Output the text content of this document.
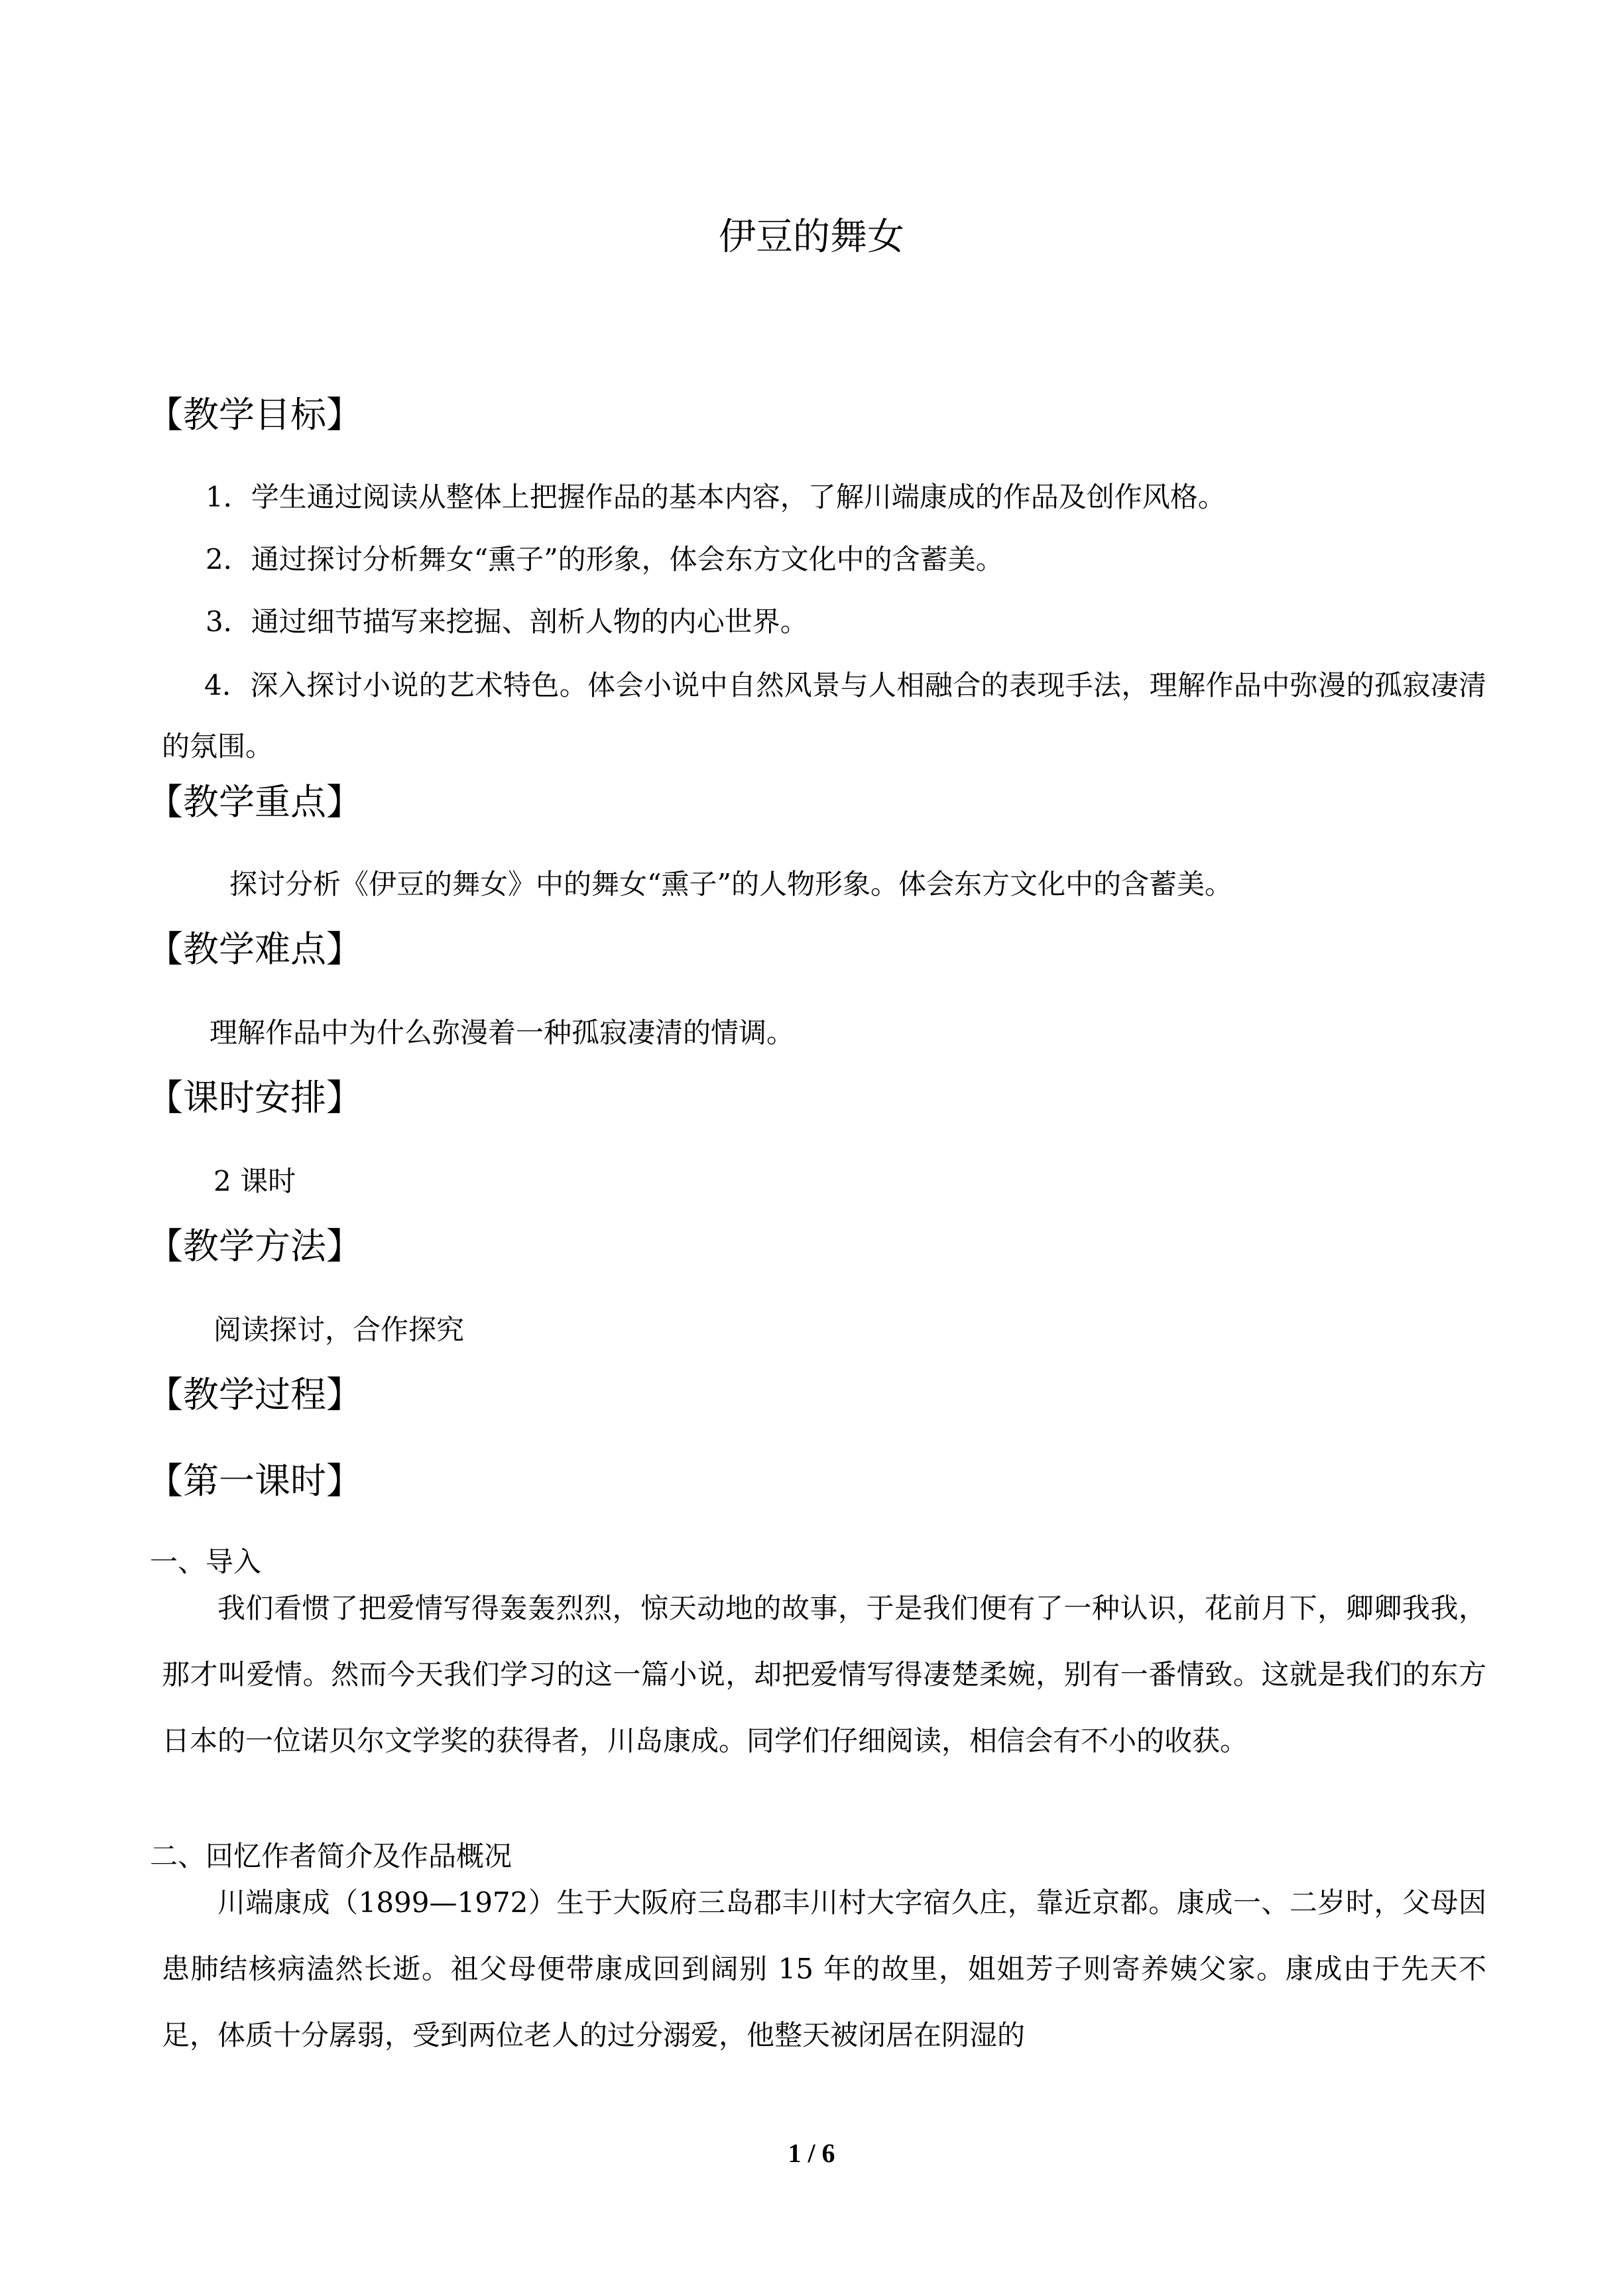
伊豆的舞女
【教学目标】
1．学生通过阅读从整体上把握作品的基本内容，了解川端康成的作品及创作风格。
2．通过探讨分析舞女“熏子”的形象，体会东方文化中的含蓄美。
3．通过细节描写来挖掘、剖析人物的内心世界。
4．深入探讨小说的艺术特色。体会小说中自然风景与人相融合的表现手法，理解作品中弥漫的孤寂凄清的氛围。
【教学重点】
探讨分析《伊豆的舞女》中的舞女“熏子”的人物形象。体会东方文化中的含蓄美。
【教学难点】
理解作品中为什么弥漫着一种孤寂凄清的情调。
【课时安排】
2 课时
【教学方法】
阅读探讨，合作探究
【教学过程】
【第一课时】
一、导入
我们看惯了把爱情写得轰轰烈烈，惊天动地的故事，于是我们便有了一种认识，花前月下，卿卿我我，那才叫爱情。然而今天我们学习的这一篇小说，却把爱情写得凄楚柔婉，别有一番情致。这就是我们的东方日本的一位诺贝尔文学奖的获得者，川岛康成。同学们仔细阅读，相信会有不小的收获。
二、回忆作者简介及作品概况
川端康成（1899—1972）生于大阪府三岛郡丰川村大字宿久庄，靠近京都。康成一、二岁时，父母因患肺结核病溘然长逝。祖父母便带康成回到阔别 15 年的故里，姐姐芳子则寄养姨父家。康成由于先天不足，体质十分孱弱，受到两位老人的过分溺爱，他整天被闭居在阴湿的
1 / 6
